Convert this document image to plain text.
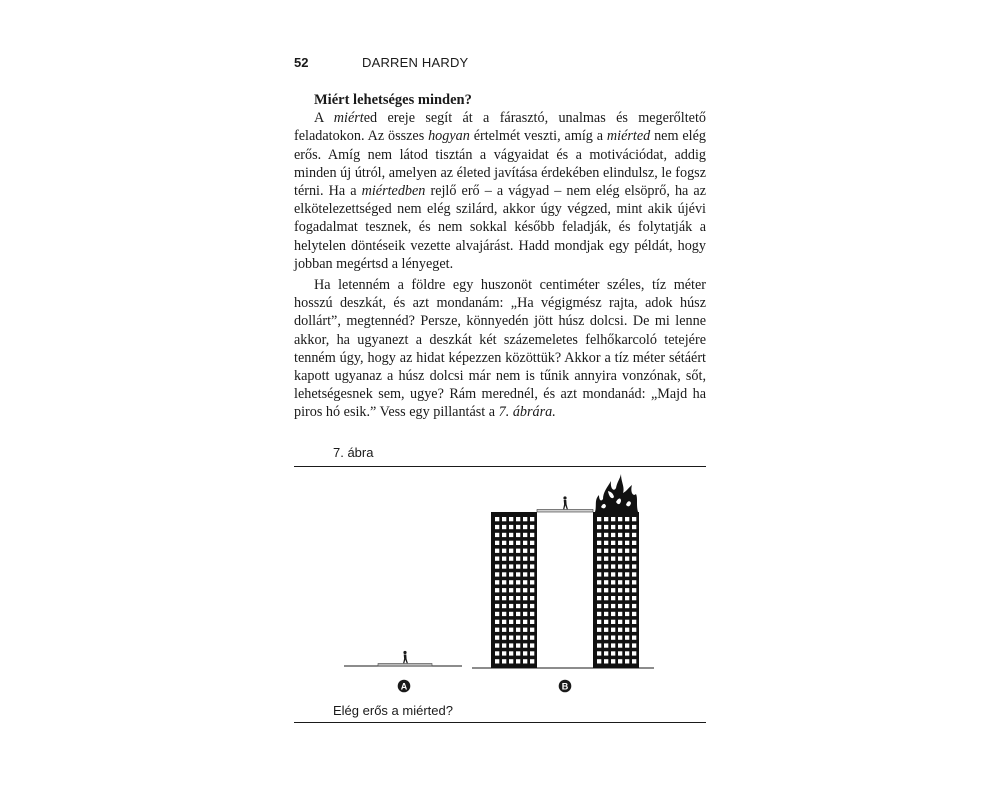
52	DARREN HARDY
Miért lehetséges minden?

A miérted ereje segít át a fárasztó, unalmas és megerőltető feladatokon. Az összes hogyan értelmét veszti, amíg a miérted nem elég erős. Amíg nem látod tisztán a vágyaidat és a motivációdat, addig minden új útról, amelyen az életed javítása érdekében elindulsz, le fogsz térni. Ha a miértedben rejlő erő – a vágyad – nem elég elsöprő, ha az elkötelezettséged nem elég szilárd, akkor úgy végzed, mint akik újévi fogadalmat tesznek, és nem sokkal később feladják, és folytatják a helytelen döntéseik vezette alvajárást. Hadd mondjak egy példát, hogy jobban megértsd a lényeget.

Ha letenném a földre egy huszonöt centiméter széles, tíz méter hosszú deszkát, és azt mondanám: „Ha végigmész rajta, adok húsz dollárt”, megtennéd? Persze, könnyedén jött húsz dolcsi. De mi lenne akkor, ha ugyanezt a deszkát két százemeletes felhőkarcoló tetejére tenném úgy, hogy az hidat képezzen közöttük? Akkor a tíz méter sétáért kapott ugyanaz a húsz dolcsi már nem is tűnik annyira vonzónak, sőt, lehetségesnek sem, ugye? Rám merednél, és azt mondanád: „Majd ha piros hó esik.” Vess egy pillantást a 7. ábrára.

7. ábra
A	B
Elég erős a miérted?
